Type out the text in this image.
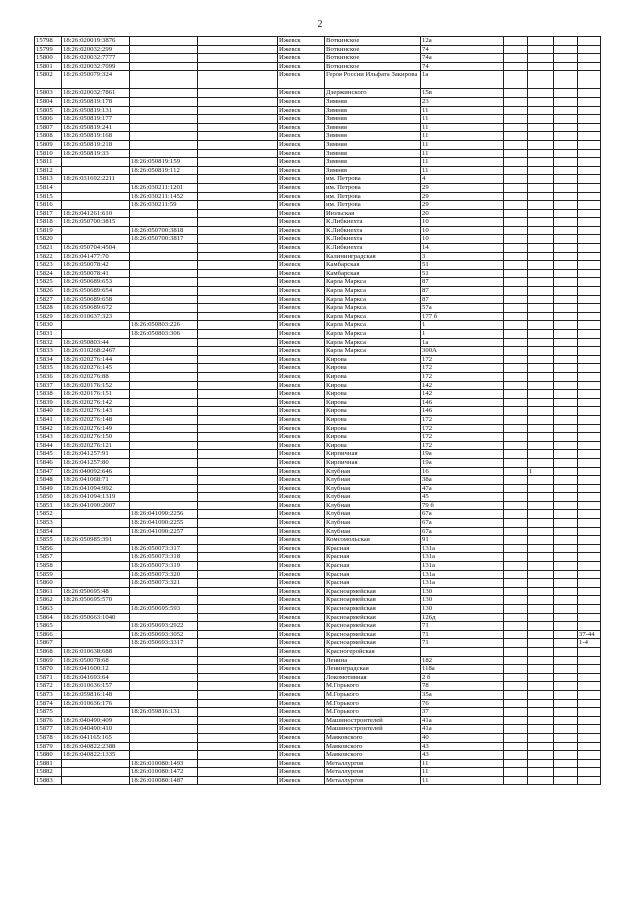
2
15798	18:26:020019:3876			Ижевск	Воткинское	12а				
15799	18:26:020032:299			Ижевск	Воткинское	74				
15800	18:26:020032:7777			Ижевск	Воткинское	74а				
15801	18:26:020032:7099			Ижевск	Воткинское	74				
15802	18:26:050079:324			Ижевск	Героя России Ильфата Закирова	1а				
15803	18:26:020032:7861			Ижевск	Дзержинского	15в				
15804	18:26:050819:178			Ижевск	Зимняя	23				
15805	18:26:050819:131			Ижевск	Зимняя	11				
15806	18:26:050819:177			Ижевск	Зимняя	11				
15807	18:26:050819:241			Ижевск	Зимняя	11				
15808	18:26:050819:168			Ижевск	Зимняя	11				
15809	18:26:050819:218			Ижевск	Зимняя	11				
15810	18:26:050819:33			Ижевск	Зимняя	11				
15811		18:26:050819:159		Ижевск	Зимняя	11				
15812		18:26:050819:112		Ижевск	Зимняя	11				
15813	18:26:031692:2211			Ижевск	им. Петрова	4				
15814		18:26:030211:1201		Ижевск	им. Петрова	29				
15815		18:26:030211:1452		Ижевск	им. Петрова	29				
15816		18:26:030211:59		Ижевск	им. Петрова	29				
15817	18:26:041261:610			Ижевск	Июльская	20				
15818	18:26:050700:3815			Ижевск	К.Либкнехта	10				
15819		18:26:050700:3818		Ижевск	К.Либкнехта	10				
15820		18:26:050700:3817		Ижевск	К.Либкнехта	10				
15821	18:26:050704:4504			Ижевск	К.Либкнехта	14				
15822	18:26:041477:70			Ижевск	Калининградская	3				
15823	18:26:050078:42			Ижевск	Камбарская	51				
15824	18:26:050078:41			Ижевск	Камбарская	51				
15825	18:26:050689:653			Ижевск	Карла Маркса	87				
15826	18:26:050689:654			Ижевск	Карла Маркса	87				
15827	18:26:050689:658			Ижевск	Карла Маркса	87				
15828	18:26:050689:672			Ижевск	Карла Маркса	57а				
15829	18:26:010637:323			Ижевск	Карла Маркса	177 б				
15830		18:26:050803:226		Ижевск	Карла Маркса	1				
15831		18:26:050803:306		Ижевск	Карла Маркса	1				
15832	18:26:050803:44			Ижевск	Карла Маркса	1а				
15833	18:26:010268:2467			Ижевск	Карла Маркса	300А				
15834	18:26:020276:144			Ижевск	Кирова	172				
15835	18:26:020276:145			Ижевск	Кирова	172				
15836	18:26:020276:88			Ижевск	Кирова	172				
15837	18:26:020176:152			Ижевск	Кирова	142				
15838	18:26:020176:151			Ижевск	Кирова	142				
15839	18:26:020276:142			Ижевск	Кирова	146				
15840	18:26:020276:143			Ижевск	Кирова	146				
15841	18:26:020276:148			Ижевск	Кирова	172				
15842	18:26:020276:149			Ижевск	Кирова	172				
15843	18:26:020276:150			Ижевск	Кирова	172				
15844	18:26:020276:121			Ижевск	Кирова	172				
15845	18:26:041257:91			Ижевск	Кирпичная	19а				
15846	18:26:041257:80			Ижевск	Кирпичная	19а				
15847	18:26:040092:646			Ижевск	Клубная	16		1		
15848	18:26:041068:71			Ижевск	Клубная	38а				
15849	18:26:041094:992			Ижевск	Клубная	47а				
15850	18:26:041094:1319			Ижевск	Клубная	45				
15851	18:26:041090:2007			Ижевск	Клубная	79 б				
15852		18:26:041090:2256		Ижевск	Клубная	67а				
15853		18:26:041090:2255		Ижевск	Клубная	67а				
15854		18:26:041090:2257		Ижевск	Клубная	67а				
15855	18:26:050985:391			Ижевск	Комсомольская	91				
15856		18:26:050073:317		Ижевск	Красная	131а				
15857		18:26:050073:318		Ижевск	Красная	131а				
15858		18:26:050073:319		Ижевск	Красная	131а				
15859		18:26:050073:320		Ижевск	Красная	131а				
15860		18:26:050073:321		Ижевск	Красная	131а				
15861	18:26:050695:48			Ижевск	Красноармейская	130				
15862	18:26:050695:570			Ижевск	Красноармейская	130				
15863		18:26:050695:593		Ижевск	Красноармейская	130				
15864	18:26:050663:1040			Ижевск	Красноармейская	126д				
15865		18:26:050693:2922		Ижевск	Красноармейская	71				
15866		18:26:050693:3052		Ижевск	Красноармейская	71				37-44
15867		18:26:050693:3317		Ижевск	Красноармейская	71				1-4
15868	18:26:010638:688			Ижевск	Красногеройская					
15869	18:26:050078:68			Ижевск	Ленина	182				
15870	18:26:041600:12			Ижевск	Ленинградская	118а				
15871	18:26:041693:64			Ижевск	Локомотивная	2 б				
15872	18:26:010636:157			Ижевск	М.Горького	78				
15873	18:26:059816:148			Ижевск	М.Горького	35а				
15874	18:26:010636:176			Ижевск	М.Горького	76				
15875		18:26:059816:131		Ижевск	М.Горького	37				
15876	18:26:040490:409			Ижевск	Машиностроителей	41а				
15877	18:26:040490:410			Ижевск	Машиностроителей	41а				
15878	18:26:041165:165			Ижевск	Маяковского	40				
15879	18:26:040822:2388			Ижевск	Маяковского	43				
15880	18:26:040822:1335			Ижевск	Маяковского	43				
15881		18:26:010080:1493		Ижевск	Металлургов	11				
15882		18:26:010080:1472		Ижевск	Металлургов	11				
15883		18:26:010080:1487		Ижевск	Металлургов	11				
